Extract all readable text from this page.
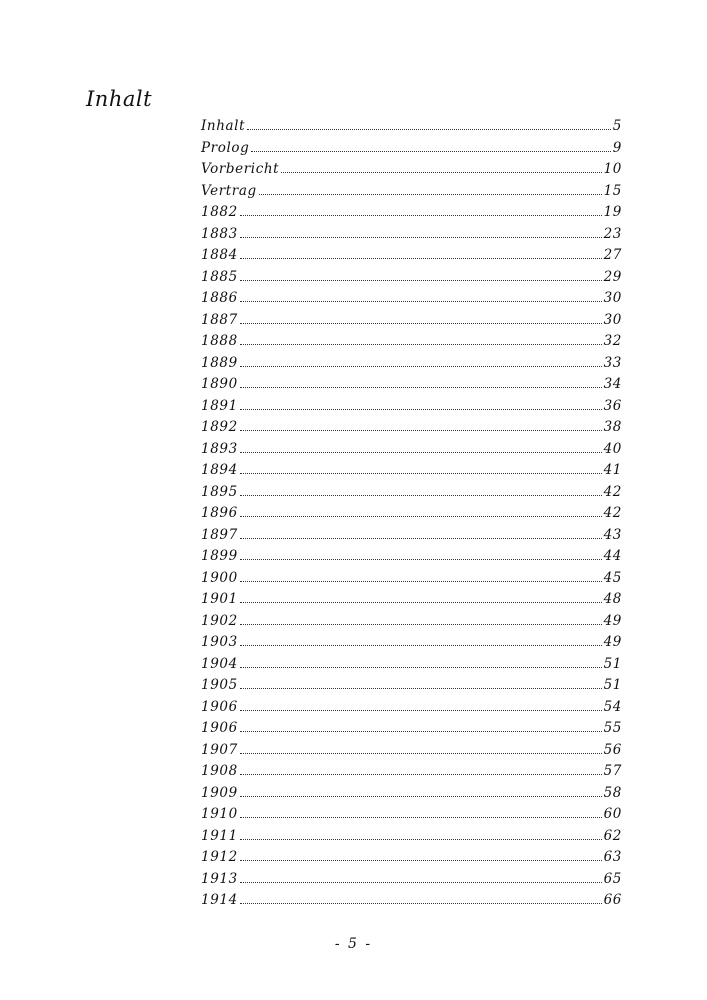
Inhalt
Inhalt	5
Prolog	9
Vorbericht	10
Vertrag	15
1882	19
1883	23
1884	27
1885	29
1886	30
1887	30
1888	32
1889	33
1890	34
1891	36
1892	38
1893	40
1894	41
1895	42
1896	42
1897	43
1899	44
1900	45
1901	48
1902	49
1903	49
1904	51
1905	51
1906	54
1906	55
1907	56
1908	57
1909	58
1910	60
1911	62
1912	63
1913	65
1914	66
- 5 -
